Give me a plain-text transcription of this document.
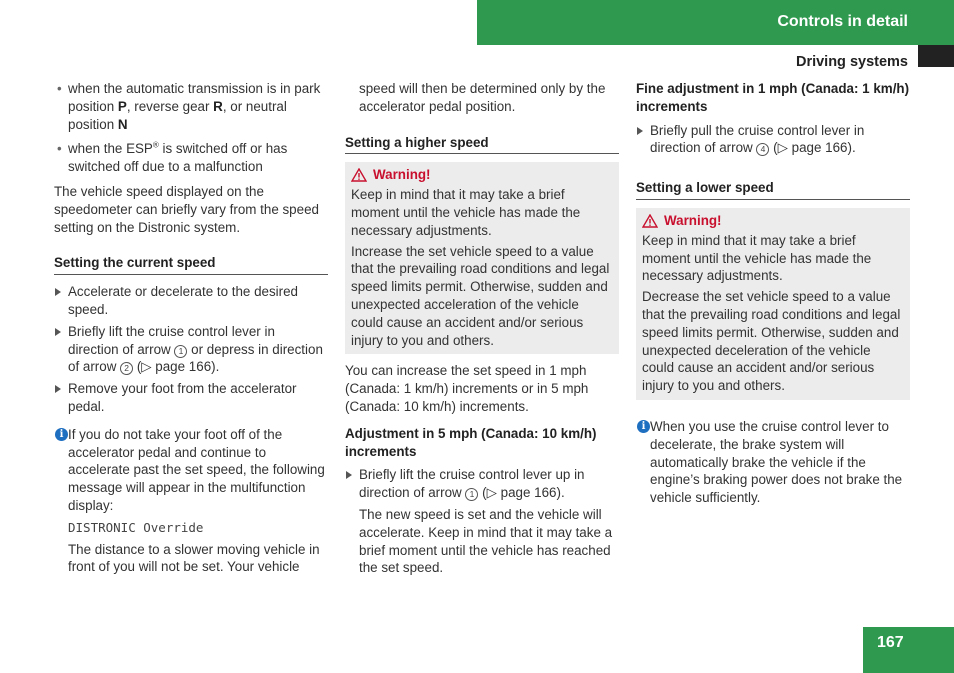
Controls in detail
Driving systems
• when the automatic transmission is in park position P, reverse gear R, or neutral position N
• when the ESP® is switched off or has switched off due to a malfunction

The vehicle speed displayed on the speedometer can briefly vary from the speed setting on the Distronic system.

Setting the current speed
Accelerate or decelerate to the desired speed.
Briefly lift the cruise control lever in direction of arrow 1 or depress in direction of arrow 2 (▷ page 166).
Remove your foot from the accelerator pedal.
i If you do not take your foot off of the accelerator pedal and continue to accelerate past the set speed, the following message will appear in the multifunction display:

DISTRONIC Override

The distance to a slower moving vehicle in front of you will not be set. Your vehicle

speed will then be determined only by the accelerator pedal position.

Setting a higher speed
Warning!

Keep in mind that it may take a brief moment until the vehicle has made the necessary adjustments.

Increase the set vehicle speed to a value that the prevailing road conditions and legal speed limits permit. Otherwise, sudden and unexpected acceleration of the vehicle could cause an accident and/or serious injury to you and others.

You can increase the set speed in 1 mph (Canada: 1 km/h) increments or in 5 mph (Canada: 10 km/h) increments.

Adjustment in 5 mph (Canada: 10 km/h) increments
Briefly lift the cruise control lever up in direction of arrow 1 (▷ page 166).

The new speed is set and the vehicle will accelerate. Keep in mind that it may take a brief moment until the vehicle has reached the set speed.

Fine adjustment in 1 mph (Canada: 1 km/h) increments
Briefly pull the cruise control lever in direction of arrow 4 (▷ page 166).
Setting a lower speed
Warning!

Keep in mind that it may take a brief moment until the vehicle has made the necessary adjustments.

Decrease the set vehicle speed to a value that the prevailing road conditions and legal speed limits permit. Otherwise, sudden and unexpected deceleration of the vehicle could cause an accident and/or serious injury to you and others.

i When you use the cruise control lever to decelerate, the brake system will automatically brake the vehicle if the engine’s braking power does not brake the vehicle sufficiently.

167
